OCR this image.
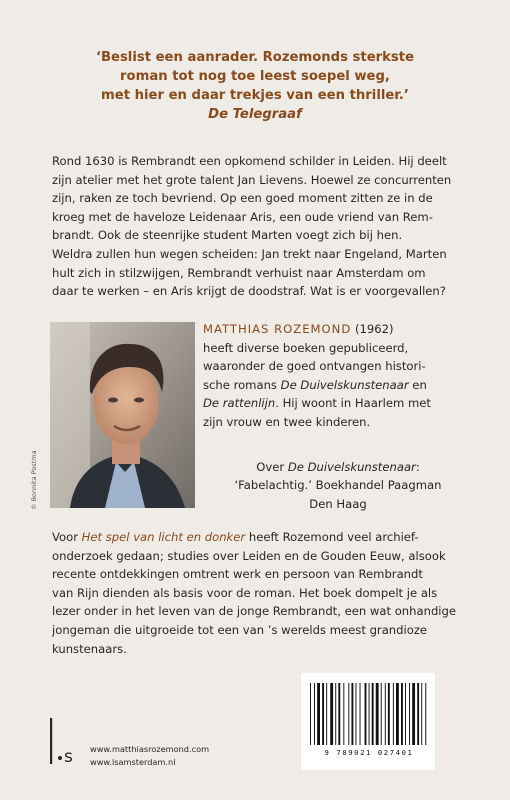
‘Beslist een aanrader. Rozemonds sterkste
roman tot nog toe leest soepel weg,
met hier en daar trekjes van een thriller.’
De Telegraaf
Rond 1630 is Rembrandt een opkomend schilder in Leiden. Hij deelt
zijn atelier met het grote talent Jan Lievens. Hoewel ze concurrenten
zijn, raken ze toch bevriend. Op een goed moment zitten ze in de
kroeg met de haveloze Leidenaar Aris, een oude vriend van Rem-
brandt. Ook de steenrijke student Marten voegt zich bij hen.
Weldra zullen hun wegen scheiden: Jan trekt naar Engeland, Marten
hult zich in stilzwijgen, Rembrandt verhuist naar Amsterdam om
daar te werken – en Aris krijgt de doodstraf. Wat is er voorgevallen?
© Bonnita Postma
MATTHIAS ROZEMOND (1962)
heeft diverse boeken gepubliceerd,
waaronder de goed ontvangen histori-
sche romans De Duivelskunstenaar en
De rattenlijn. Hij woont in Haarlem met
zijn vrouw en twee kinderen.
Over De Duivelskunstenaar:
‘Fabelachtig.’ Boekhandel Paagman
Den Haag
Voor Het spel van licht en donker heeft Rozemond veel archief-
onderzoek gedaan; studies over Leiden en de Gouden Eeuw, alsook
recente ontdekkingen omtrent werk en persoon van Rembrandt
van Rijn dienden als basis voor de roman. Het boek dompelt je als
lezer onder in het leven van de jonge Rembrandt, een wat onhandige
jongeman die uitgroeide tot een van ’s werelds meest grandioze
kunstenaars.
s www.matthiasrozemond.com
www.lsamsterdam.nl
9 789021 027401
